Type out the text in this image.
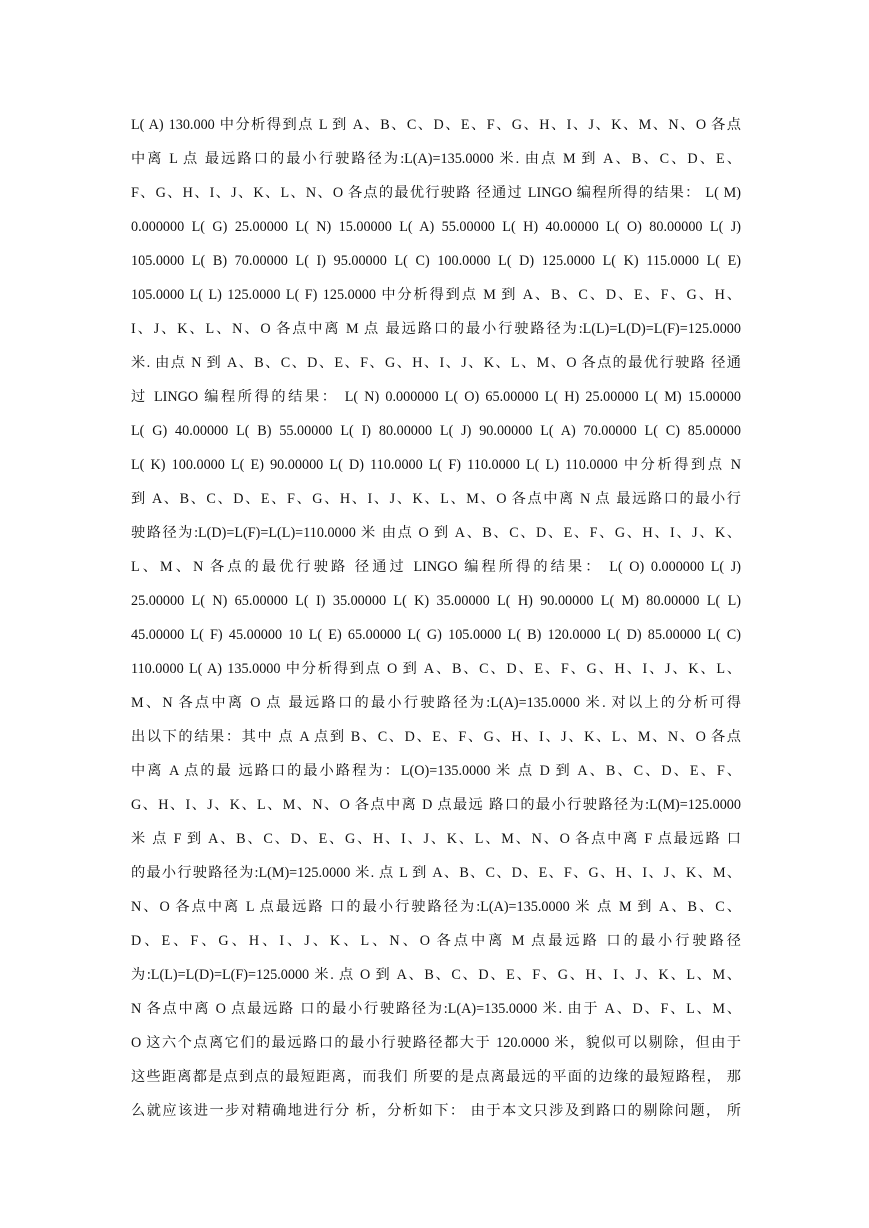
L( A) 130.000 中分析得到点 L 到 A、B、C、D、E、F、G、H、I、J、K、M、N、O 各点
中离 L 点 最远路口的最小行驶路径为:L(A)=135.0000 米. 由点 M 到 A、B、C、D、E、
F、G、H、I、J、K、L、N、O 各点的最优行驶路 径通过 LINGO 编程所得的结果： L( M)
0.000000 L( G) 25.00000 L( N) 15.00000 L( A) 55.00000 L( H) 40.00000 L( O) 80.00000 L( J)
105.0000 L( B) 70.00000 L( I) 95.00000 L( C) 100.0000 L( D) 125.0000 L( K) 115.0000 L( E)
105.0000 L( L) 125.0000 L( F) 125.0000 中分析得到点 M 到 A、B、C、D、E、F、G、H、
I、J、K、L、N、O 各点中离 M 点 最远路口的最小行驶路径为:L(L)=L(D)=L(F)=125.0000
米. 由点 N 到 A、B、C、D、E、F、G、H、I、J、K、L、M、O 各点的最优行驶路 径通
过 LINGO 编程所得的结果： L( N) 0.000000 L( O) 65.00000 L( H) 25.00000 L( M) 15.00000
L( G) 40.00000 L( B) 55.00000 L( I) 80.00000 L( J) 90.00000 L( A) 70.00000 L( C) 85.00000
L( K) 100.0000 L( E) 90.00000 L( D) 110.0000 L( F) 110.0000 L( L) 110.0000 中分析得到点 N
到 A、B、C、D、E、F、G、H、I、J、K、L、M、O 各点中离 N 点 最远路口的最小行
驶路径为:L(D)=L(F)=L(L)=110.0000 米 由点 O 到 A、B、C、D、E、F、G、H、I、J、K、
L、M、N 各点的最优行驶路 径通过 LINGO 编程所得的结果： L( O) 0.000000 L( J)
25.00000 L( N) 65.00000 L( I) 35.00000 L( K) 35.00000 L( H) 90.00000 L( M) 80.00000 L( L)
45.00000 L( F) 45.00000 10 L( E) 65.00000 L( G) 105.0000 L( B) 120.0000 L( D) 85.00000 L( C)
110.0000 L( A) 135.0000 中分析得到点 O 到 A、B、C、D、E、F、G、H、I、J、K、L、
M、N 各点中离 O 点 最远路口的最小行驶路径为:L(A)=135.0000 米. 对以上的分析可得
出以下的结果：其中 点 A 点到 B、C、D、E、F、G、H、I、J、K、L、M、N、O 各点
中离 A 点的最 远路口的最小路程为：L(O)=135.0000 米 点 D 到 A、B、C、D、E、F、
G、H、I、J、K、L、M、N、O 各点中离 D 点最远 路口的最小行驶路径为:L(M)=125.0000
米 点 F 到 A、B、C、D、E、G、H、I、J、K、L、M、N、O 各点中离 F 点最远路 口
的最小行驶路径为:L(M)=125.0000 米. 点 L 到 A、B、C、D、E、F、G、H、I、J、K、M、
N、O 各点中离 L 点最远路 口的最小行驶路径为:L(A)=135.0000 米 点 M 到 A、B、C、
D、E、F、G、H、I、J、K、L、N、O 各点中离 M 点最远路 口的最小行驶路径
为:L(L)=L(D)=L(F)=125.0000 米. 点 O 到 A、B、C、D、E、F、G、H、I、J、K、L、M、
N 各点中离 O 点最远路 口的最小行驶路径为:L(A)=135.0000 米. 由于 A、D、F、L、M、
O 这六个点离它们的最远路口的最小行驶路径都大于 120.0000 米，貌似可以剔除，但由于
这些距离都是点到点的最短距离，而我们 所要的是点离最远的平面的边缘的最短路程， 那
么就应该进一步对精确地进行分 析，分析如下： 由于本文只涉及到路口的剔除问题， 所
